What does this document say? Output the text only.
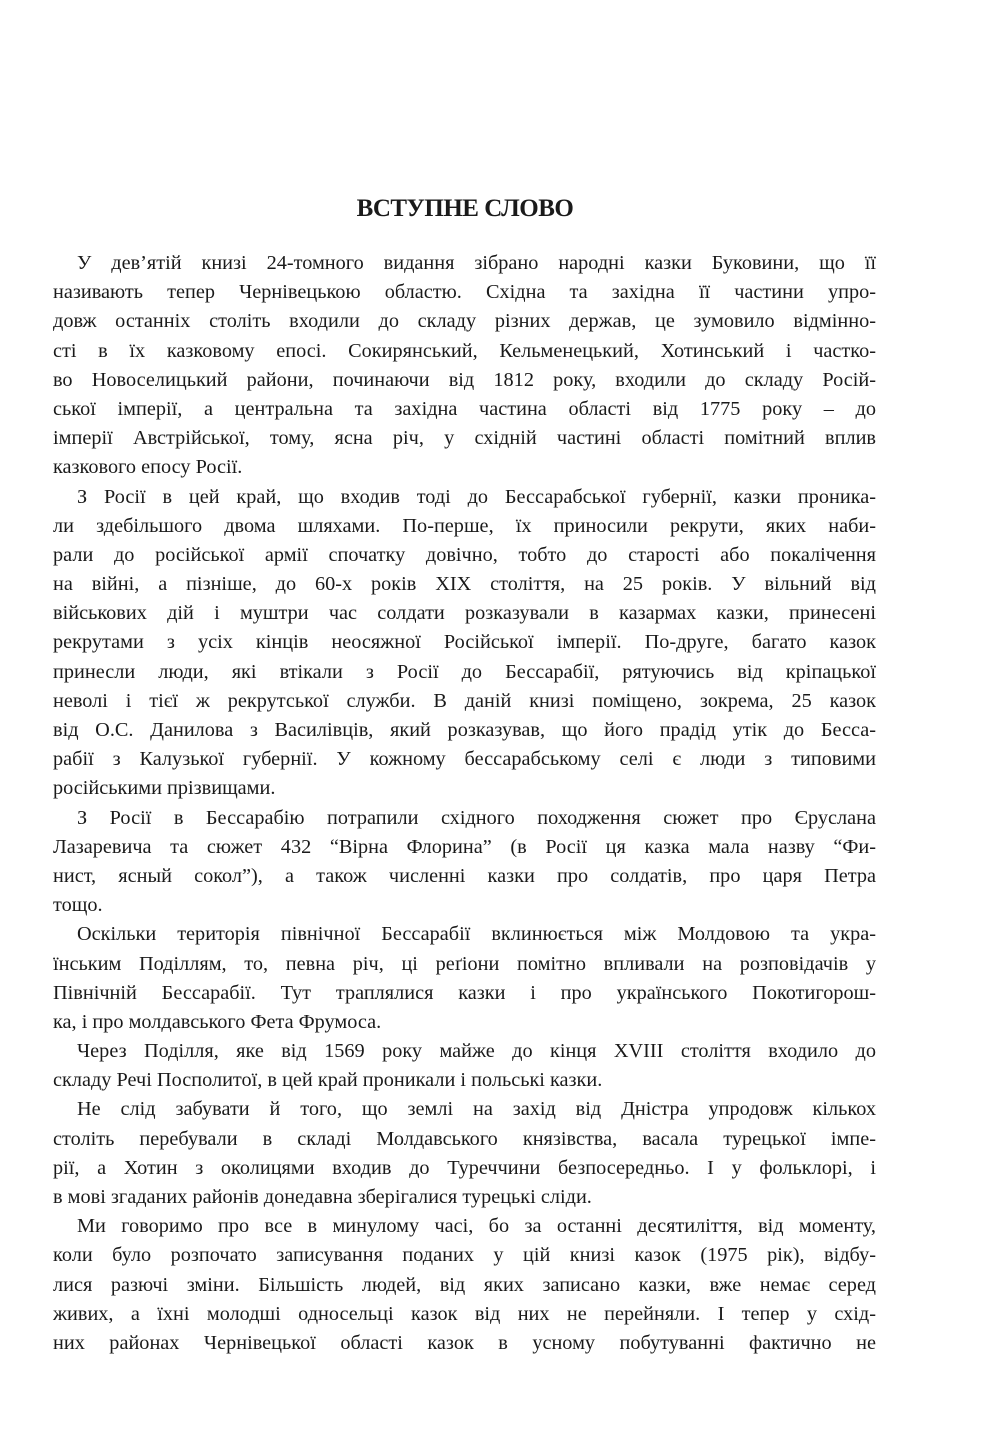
ВСТУПНЕ СЛОВО
У дев’ятій книзі 24-томного видання зібрано народні казки Буковини, що її
називають тепер Чернівецькою областю. Східна та західна її частини упро-
довж останніх століть входили до складу різних держав, це зумовило відмінно-
сті в їх казковому епосі. Сокирянський, Кельменецький, Хотинський і частко-
во Новоселицький райони, починаючи від 1812 року, входили до складу Росій-
ської імперії, а центральна та західна частина області від 1775 року – до
імперії Австрійської, тому, ясна річ, у східній частині області помітний вплив
казкового епосу Росії.
З Росії в цей край, що входив тоді до Бессарабської губернії, казки проника-
ли здебільшого двома шляхами. По-перше, їх приносили рекрути, яких наби-
рали до російської армії спочатку довічно, тобто до старості або покалічення
на війні, а пізніше, до 60-х років XIX століття, на 25 років. У вільний від
військових дій і муштри час солдати розказували в казармах казки, принесені
рекрутами з усіх кінців неосяжної Російської імперії. По-друге, багато казок
принесли люди, які втікали з Росії до Бессарабії, рятуючись від кріпацької
неволі і тієї ж рекрутської служби. В даній книзі поміщено, зокрема, 25 казок
від О.С. Данилова з Василівців, який розказував, що його прадід утік до Бесса-
рабії з Калузької губернії. У кожному бессарабському селі є люди з типовими
російськими прізвищами.
З Росії в Бессарабію потрапили східного походження сюжет про Єруслана
Лазаревича та сюжет 432 “Вірна Флорина” (в Росії ця казка мала назву “Фи-
нист, ясный сокол”), а також численні казки про солдатів, про царя Петра
тощо.
Оскільки територія північної Бессарабії вклинюється між Молдовою та укра-
їнським Поділлям, то, певна річ, ці реґіони помітно впливали на розповідачів у
Північній Бессарабії. Тут траплялися казки і про українського Покотигорош-
ка, і про молдавського Фета Фрумоса.
Через Поділля, яке від 1569 року майже до кінця XVIII століття входило до
складу Речі Посполитої, в цей край проникали і польські казки.
Не слід забувати й того, що землі на захід від Дністра упродовж кількох
століть перебували в складі Молдавського князівства, васала турецької імпе-
рії, а Хотин з околицями входив до Туреччини безпосередньо. І у фольклорі, і
в мові згаданих районів донедавна зберігалися турецькі сліди.
Ми говоримо про все в минулому часі, бо за останні десятиліття, від моменту,
коли було розпочато записування поданих у цій книзі казок (1975 рік), відбу-
лися разючі зміни. Більшість людей, від яких записано казки, вже немає серед
живих, а їхні молодші односельці казок від них не перейняли. І тепер у схід-
них районах Чернівецької області казок в усному побутуванні фактично не
